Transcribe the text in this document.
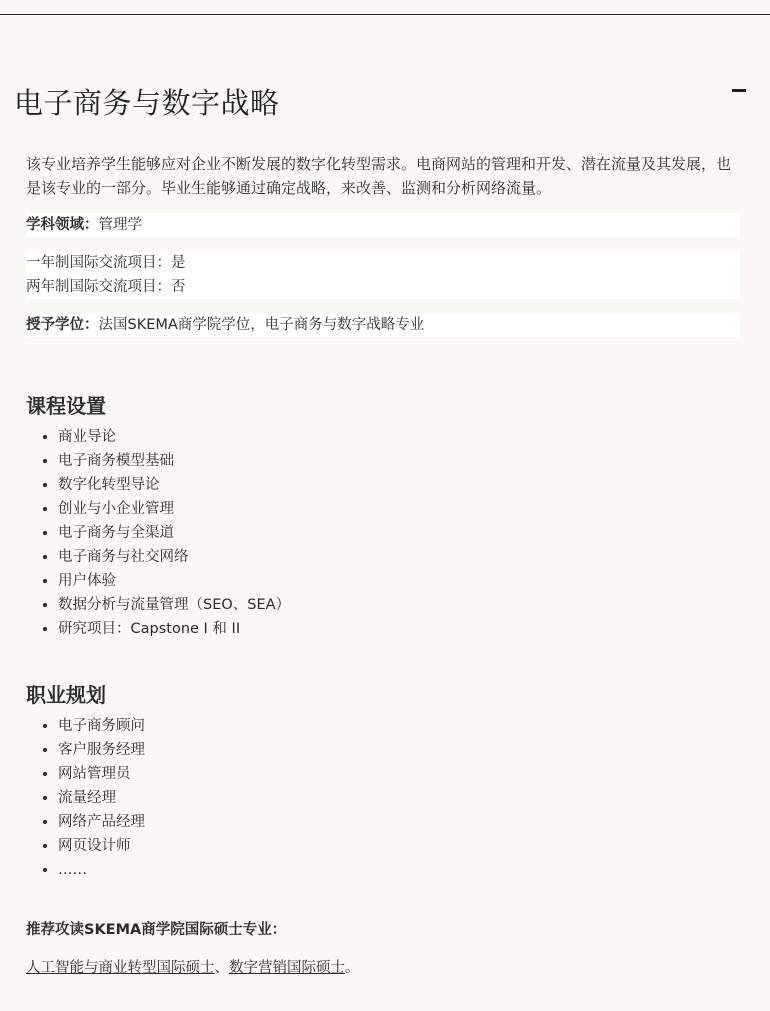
电子商务与数字战略

该专业培养学生能够应对企业不断发展的数字化转型需求。电商网站的管理和开发、潜在流量及其发展，也是该专业的一部分。毕业生能够通过确定战略，来改善、监测和分析网络流量。

学科领域：管理学
一年制国际交流项目：是
两年制国际交流项目：否
授予学位：法国SKEMA商学院学位，电子商务与数字战略专业
课程设置
• 商业导论
• 电子商务模型基础
• 数字化转型导论
• 创业与小企业管理
• 电子商务与全渠道
• 电子商务与社交网络
• 用户体验
• 数据分析与流量管理（SEO、SEA）
• 研究项目：Capstone I 和 II
职业规划
• 电子商务顾问
• 客户服务经理
• 网站管理员
• 流量经理
• 网络产品经理
• 网页设计师
• ……

推荐攻读SKEMA商学院国际硕士专业：

人工智能与商业转型国际硕士、数字营销国际硕士。
